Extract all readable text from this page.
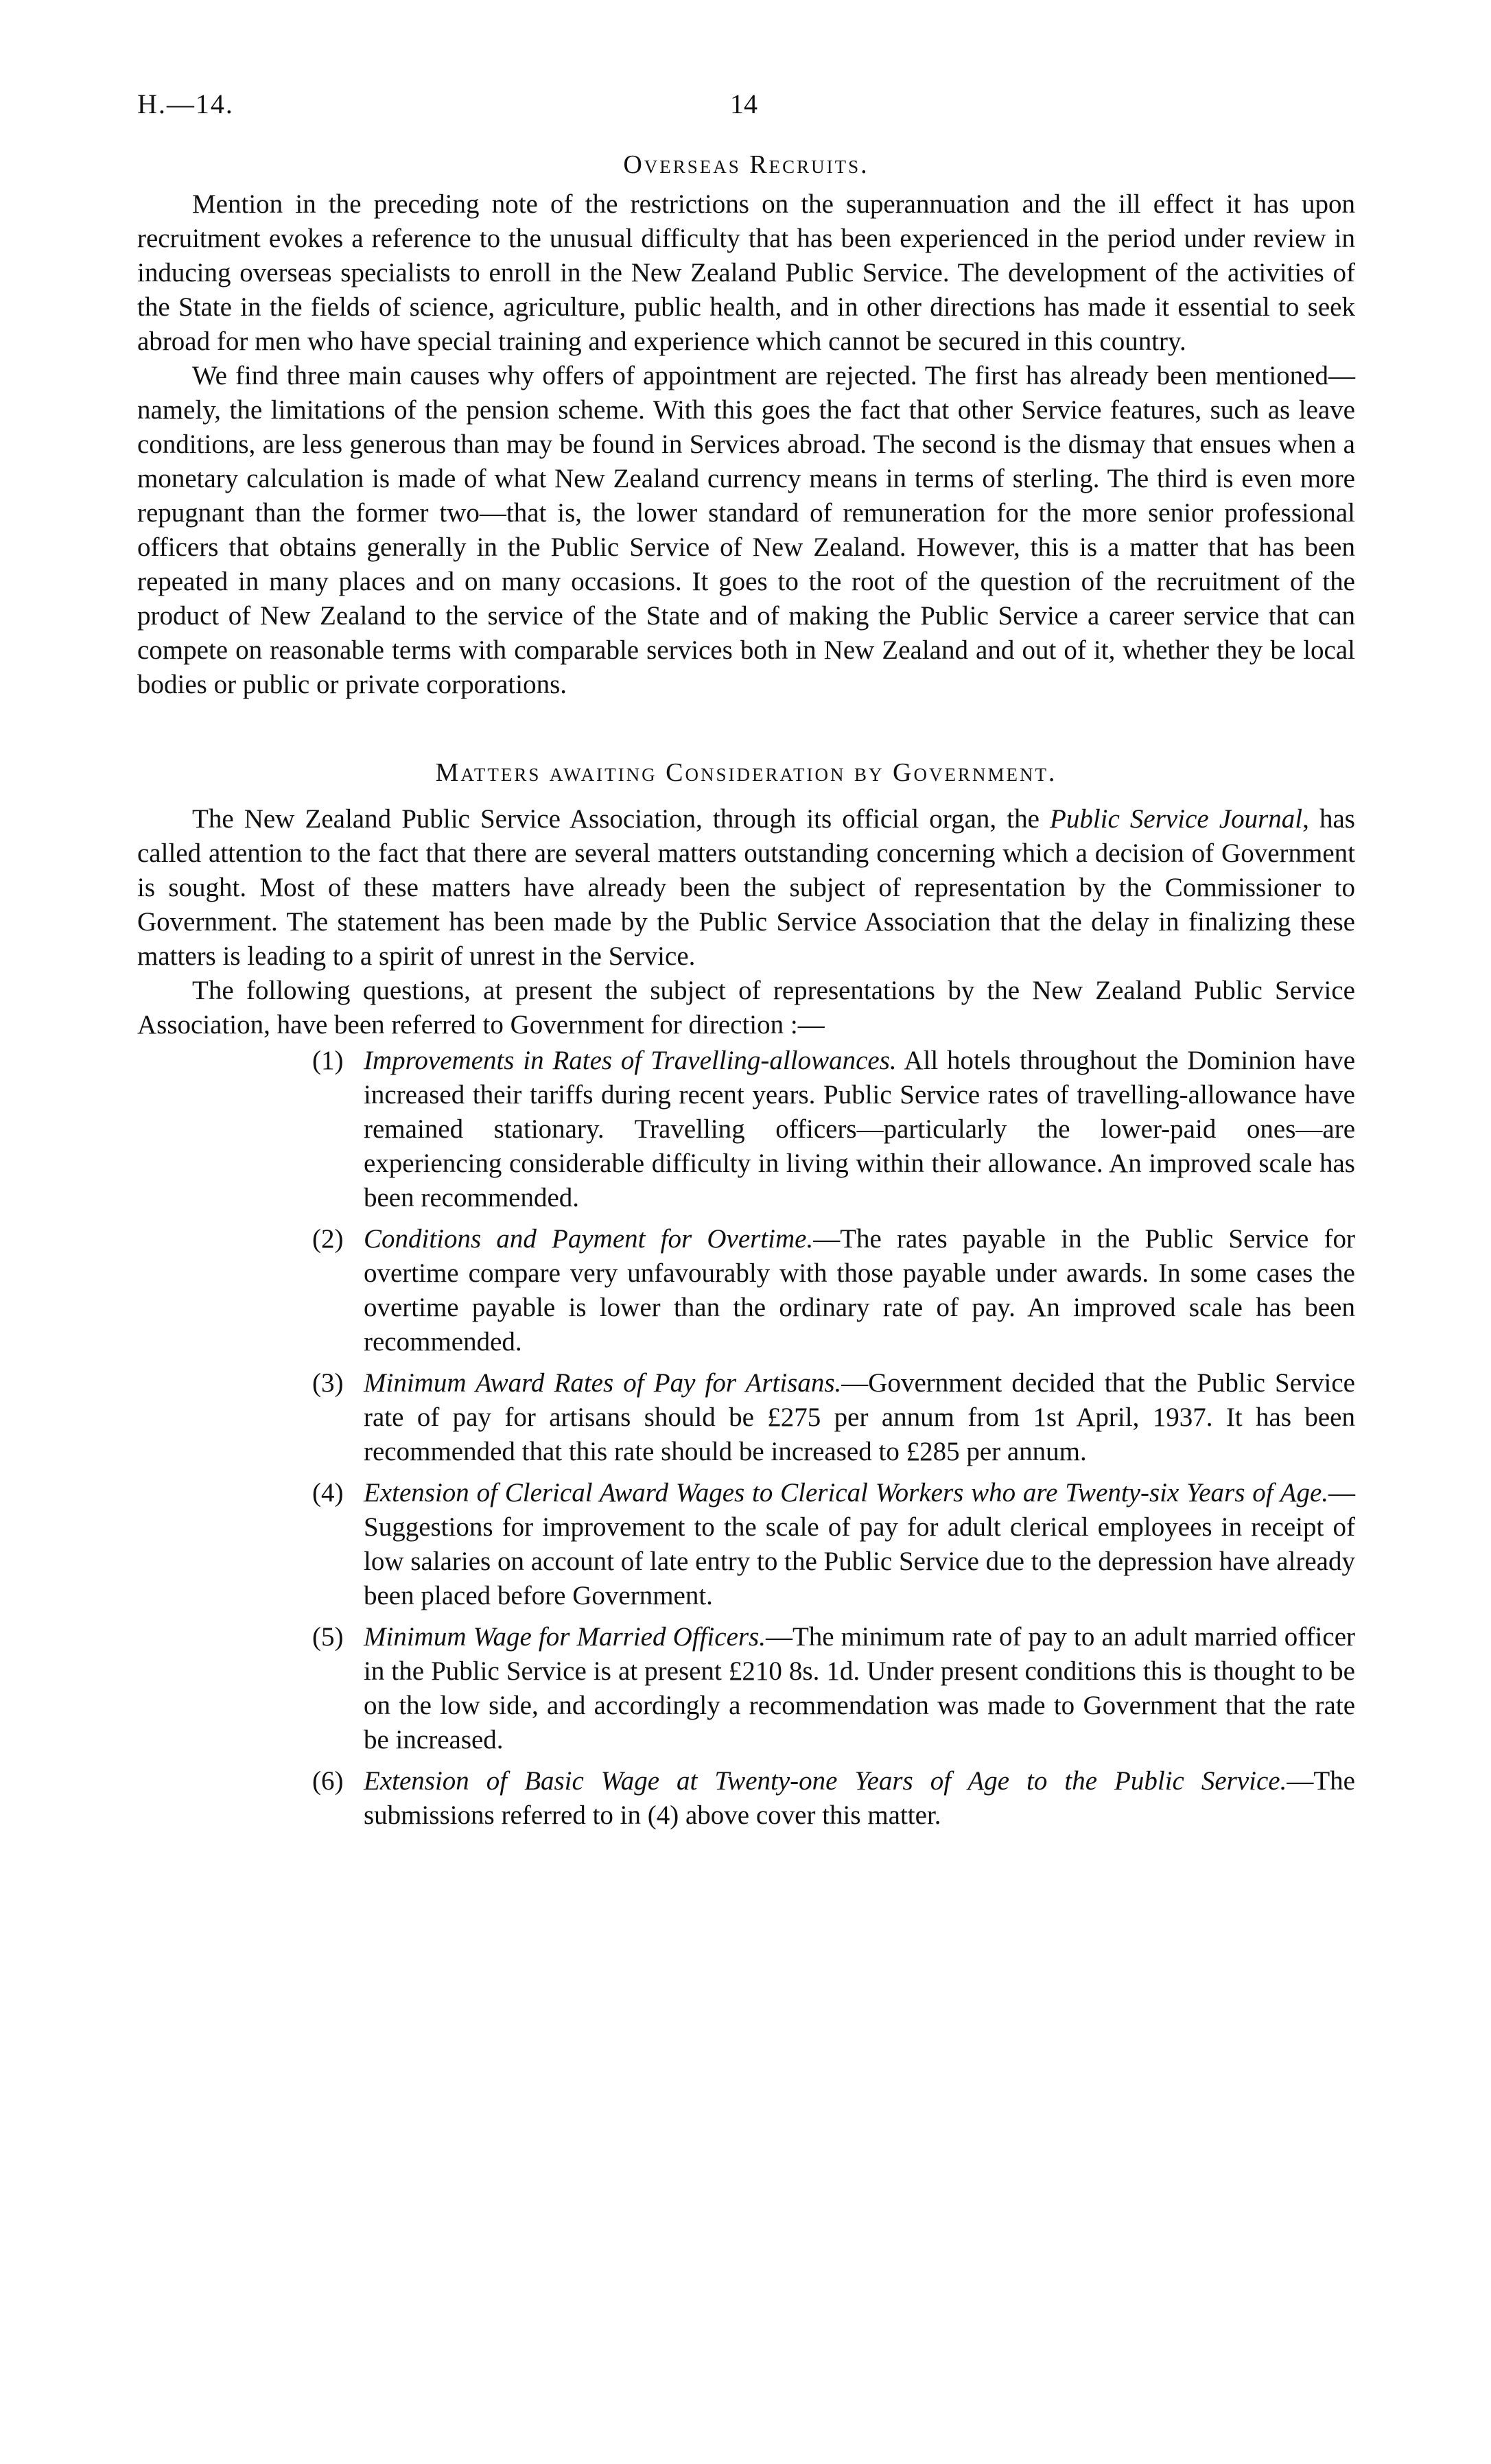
H.—14.	14
Overseas Recruits.

Mention in the preceding note of the restrictions on the superannuation and the ill effect it has upon recruitment evokes a reference to the unusual difficulty that has been experienced in the period under review in inducing overseas specialists to enroll in the New Zealand Public Service. The development of the activities of the State in the fields of science, agriculture, public health, and in other directions has made it essential to seek abroad for men who have special training and experience which cannot be secured in this country.

We find three main causes why offers of appointment are rejected. The first has already been mentioned—namely, the limitations of the pension scheme. With this goes the fact that other Service features, such as leave conditions, are less generous than may be found in Services abroad. The second is the dismay that ensues when a monetary calculation is made of what New Zealand currency means in terms of sterling. The third is even more repugnant than the former two—that is, the lower standard of remuneration for the more senior professional officers that obtains generally in the Public Service of New Zealand. However, this is a matter that has been repeated in many places and on many occasions. It goes to the root of the question of the recruitment of the product of New Zealand to the service of the State and of making the Public Service a career service that can compete on reasonable terms with comparable services both in New Zealand and out of it, whether they be local bodies or public or private corporations.

Matters awaiting Consideration by Government.

The New Zealand Public Service Association, through its official organ, the Public Service Journal, has called attention to the fact that there are several matters outstanding concerning which a decision of Government is sought. Most of these matters have already been the subject of representation by the Commissioner to Government. The statement has been made by the Public Service Association that the delay in finalizing these matters is leading to a spirit of unrest in the Service.

The following questions, at present the subject of representations by the New Zealand Public Service Association, have been referred to Government for direction :—

(1) Improvements in Rates of Travelling-allowances. All hotels throughout the Dominion have increased their tariffs during recent years. Public Service rates of travelling-allowance have remained stationary. Travelling officers—particularly the lower-paid ones—are experiencing considerable difficulty in living within their allowance. An improved scale has been recommended.
(2) Conditions and Payment for Overtime.—The rates payable in the Public Service for overtime compare very unfavourably with those payable under awards. In some cases the overtime payable is lower than the ordinary rate of pay. An improved scale has been recommended.
(3) Minimum Award Rates of Pay for Artisans.—Government decided that the Public Service rate of pay for artisans should be £275 per annum from 1st April, 1937. It has been recommended that this rate should be increased to £285 per annum.
(4) Extension of Clerical Award Wages to Clerical Workers who are Twenty-six Years of Age.—Suggestions for improvement to the scale of pay for adult clerical employees in receipt of low salaries on account of late entry to the Public Service due to the depression have already been placed before Government.
(5) Minimum Wage for Married Officers.—The minimum rate of pay to an adult married officer in the Public Service is at present £210 8s. 1d. Under present conditions this is thought to be on the low side, and accordingly a recommendation was made to Government that the rate be increased.
(6) Extension of Basic Wage at Twenty-one Years of Age to the Public Service.—The submissions referred to in (4) above cover this matter.
